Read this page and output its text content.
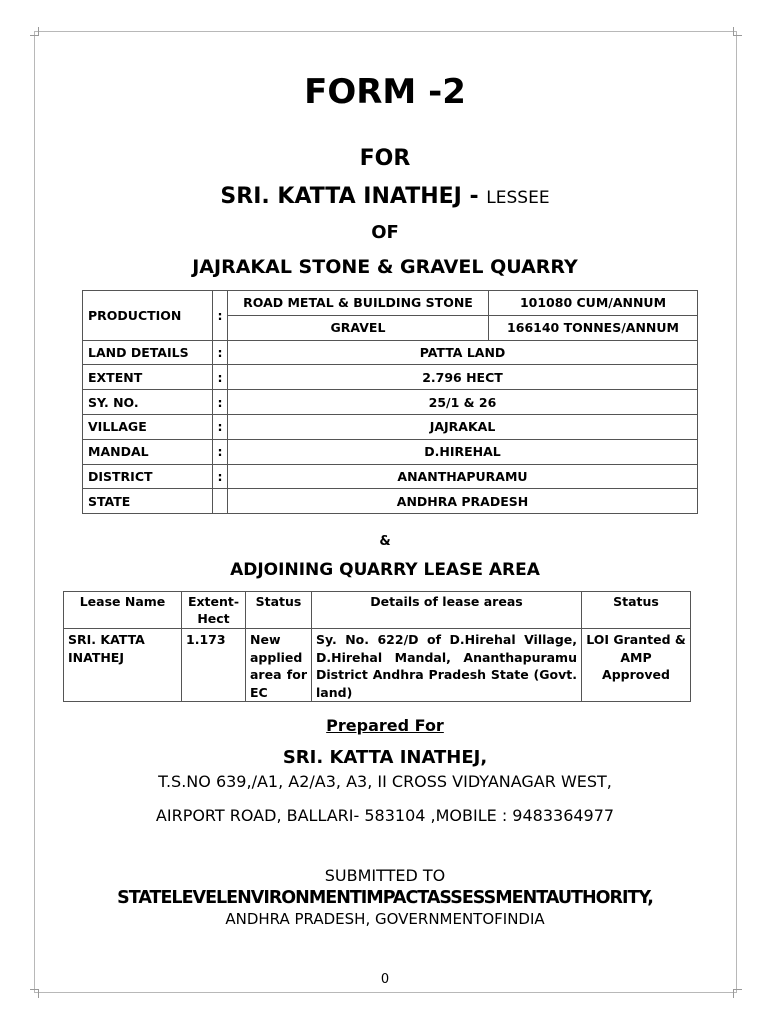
FORM -2
FOR
SRI. KATTA INATHEJ - LESSEE
OF
JAJRAKAL STONE & GRAVEL QUARRY
PRODUCTION	:	ROAD METAL & BUILDING STONE	101080 CUM/ANNUM
		GRAVEL	166140 TONNES/ANNUM
LAND DETAILS	:	PATTA LAND	
EXTENT	:	2.796 HECT	
SY. NO.	:	25/1 & 26	
VILLAGE	:	JAJRAKAL	
MANDAL	:	D.HIREHAL	
DISTRICT	:	ANANTHAPURAMU	
STATE		ANDHRA PRADESH	
&
ADJOINING QUARRY LEASE AREA
Lease Name	Extent-Hect	Status	Details of lease areas	Status
SRI. KATTA INATHEJ	1.173	New applied area for EC	Sy. No. 622/D of D.Hirehal Village, D.Hirehal Mandal, Ananthapuramu District Andhra Pradesh State (Govt. land)	LOI Granted & AMP Approved
Prepared For
SRI. KATTA INATHEJ,
T.S.NO 639,/A1, A2/A3, A3, II CROSS VIDYANAGAR WEST,
AIRPORT ROAD, BALLARI- 583104 ,MOBILE : 9483364977
SUBMITTED TO
STATELEVELENVIRONMENTIMPACTASSESSMENTAUTHORITY,
ANDHRA PRADESH, GOVERNMENTOFINDIA
0
